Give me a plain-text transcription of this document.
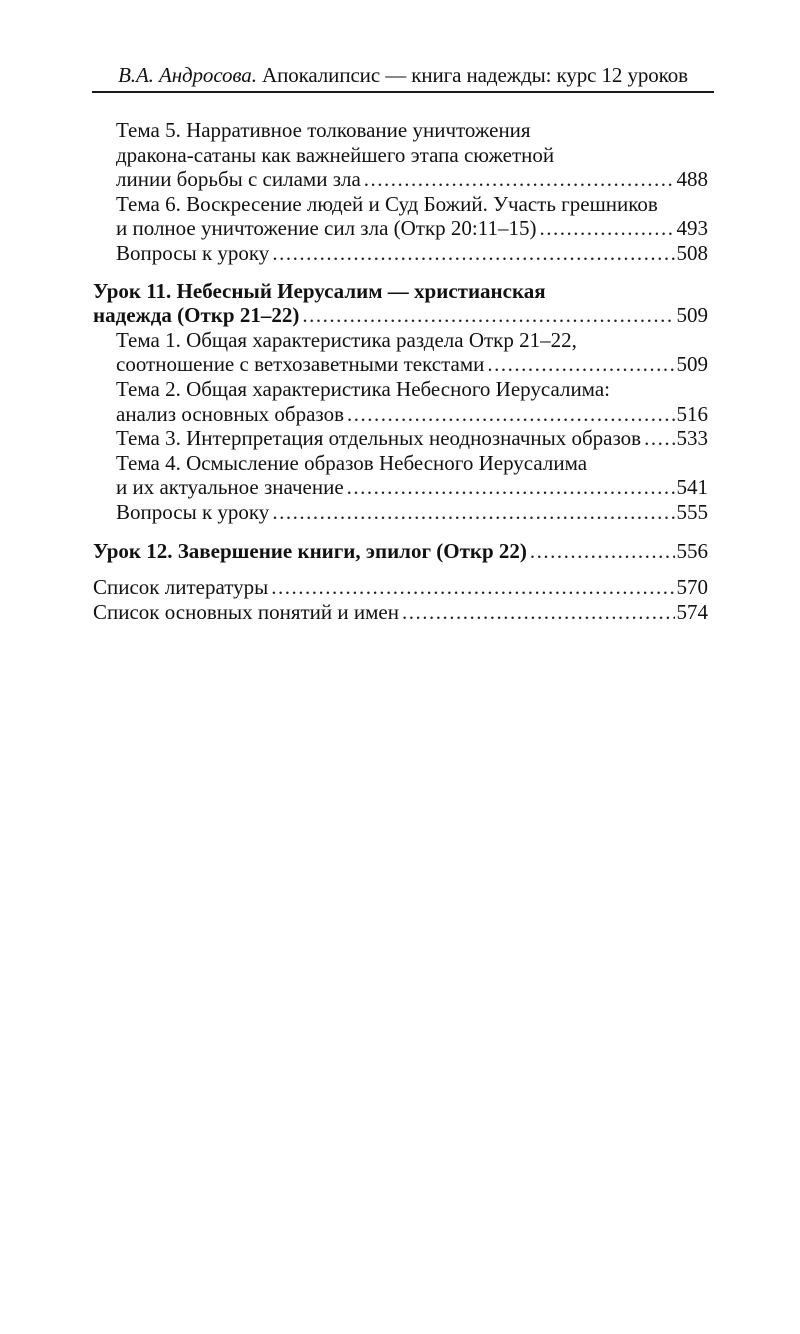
В.А. Андросова. Апокалипсис — книга надежды: курс 12 уроков
Тема 5. Нарративное толкование уничтожения
дракона-сатаны как важнейшего этапа сюжетной
линии борьбы с силами зла .....	488
Тема 6. Воскресение людей и Суд Божий. Участь грешников
и полное уничтожение сил зла (Откр 20:11–15) .....	493
Вопросы к уроку .....	508
Урок 11. Небесный Иерусалим — христианская
надежда (Откр 21–22) .....	509
Тема 1. Общая характеристика раздела Откр 21–22,
соотношение с ветхозаветными текстами .....	509
Тема 2. Общая характеристика Небесного Иерусалима:
анализ основных образов .....	516
Тема 3. Интерпретация отдельных неоднозначных образов ..... 533
Тема 4. Осмысление образов Небесного Иерусалима
и их актуальное значение .....	541
Вопросы к уроку .....	555
Урок 12. Завершение книги, эпилог (Откр 22) .....	556
Список литературы .....	570
Список основных понятий и имен .....	574
